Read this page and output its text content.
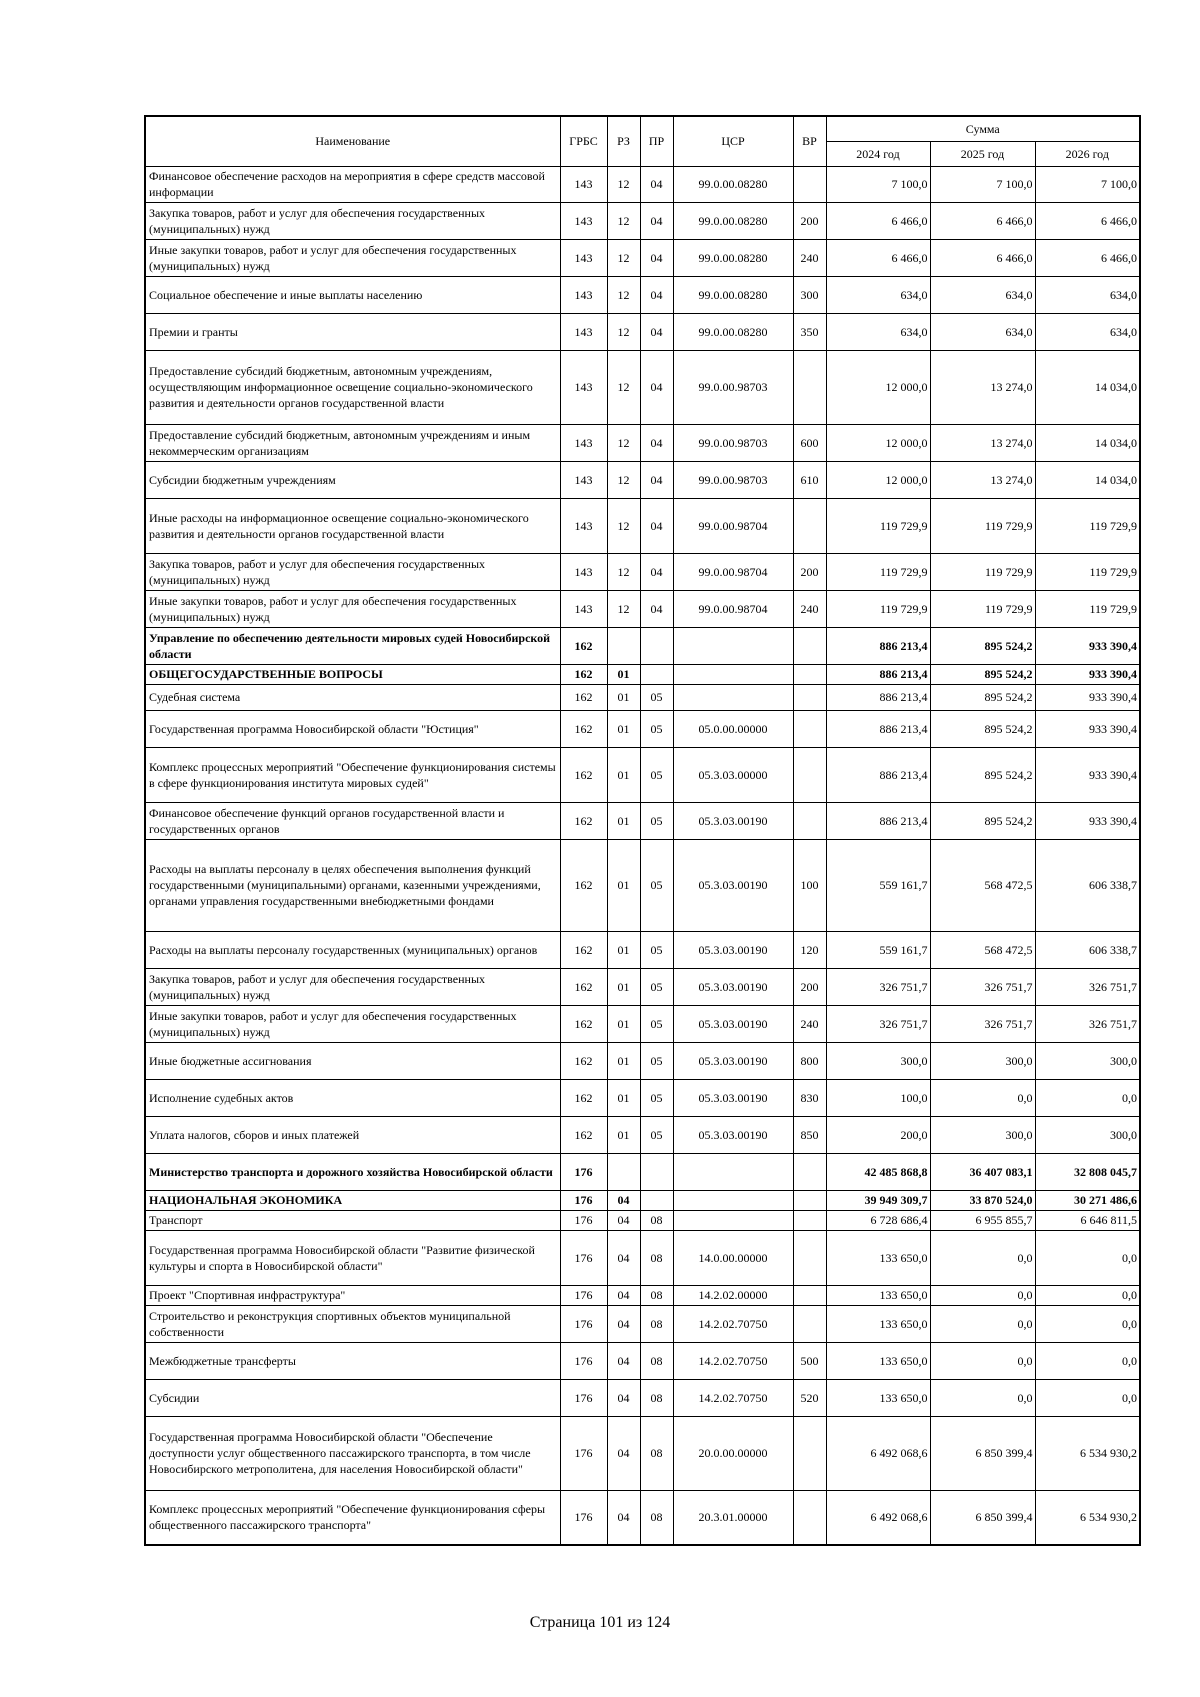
Наименование	ГРБС	РЗ	ПР	ЦСР	ВР	Сумма		
						2024 год	2025 год	2026 год
Финансовое обеспечение расходов на мероприятия в сфере средств массовой информации	143	12	04	99.0.00.08280		7 100,0	7 100,0	7 100,0
Закупка товаров, работ и услуг для обеспечения государственных (муниципальных) нужд	143	12	04	99.0.00.08280	200	6 466,0	6 466,0	6 466,0
Иные закупки товаров, работ и услуг для обеспечения государственных (муниципальных) нужд	143	12	04	99.0.00.08280	240	6 466,0	6 466,0	6 466,0
Социальное обеспечение и иные выплаты населению	143	12	04	99.0.00.08280	300	634,0	634,0	634,0
Премии и гранты	143	12	04	99.0.00.08280	350	634,0	634,0	634,0
Предоставление субсидий бюджетным, автономным учреждениям, осуществляющим информационное освещение социально-экономического развития и деятельности органов государственной власти	143	12	04	99.0.00.98703		12 000,0	13 274,0	14 034,0
Предоставление субсидий бюджетным, автономным учреждениям и иным некоммерческим организациям	143	12	04	99.0.00.98703	600	12 000,0	13 274,0	14 034,0
Субсидии бюджетным учреждениям	143	12	04	99.0.00.98703	610	12 000,0	13 274,0	14 034,0
Иные расходы на информационное освещение социально-экономического развития и деятельности органов государственной власти	143	12	04	99.0.00.98704		119 729,9	119 729,9	119 729,9
Закупка товаров, работ и услуг для обеспечения государственных (муниципальных) нужд	143	12	04	99.0.00.98704	200	119 729,9	119 729,9	119 729,9
Иные закупки товаров, работ и услуг для обеспечения государственных (муниципальных) нужд	143	12	04	99.0.00.98704	240	119 729,9	119 729,9	119 729,9
Управление по обеспечению деятельности мировых судей Новосибирской области	162					886 213,4	895 524,2	933 390,4
ОБЩЕГОСУДАРСТВЕННЫЕ ВОПРОСЫ	162	01				886 213,4	895 524,2	933 390,4
Судебная система	162	01	05			886 213,4	895 524,2	933 390,4
Государственная программа Новосибирской области "Юстиция"	162	01	05	05.0.00.00000		886 213,4	895 524,2	933 390,4
Комплекс процессных мероприятий "Обеспечение функционирования системы в сфере функционирования института мировых судей"	162	01	05	05.3.03.00000		886 213,4	895 524,2	933 390,4
Финансовое обеспечение функций органов государственной власти и государственных органов	162	01	05	05.3.03.00190		886 213,4	895 524,2	933 390,4
Расходы на выплаты персоналу в целях обеспечения выполнения функций государственными (муниципальными) органами, казенными учреждениями, органами управления государственными внебюджетными фондами	162	01	05	05.3.03.00190	100	559 161,7	568 472,5	606 338,7
Расходы на выплаты персоналу государственных (муниципальных) органов	162	01	05	05.3.03.00190	120	559 161,7	568 472,5	606 338,7
Закупка товаров, работ и услуг для обеспечения государственных (муниципальных) нужд	162	01	05	05.3.03.00190	200	326 751,7	326 751,7	326 751,7
Иные закупки товаров, работ и услуг для обеспечения государственных (муниципальных) нужд	162	01	05	05.3.03.00190	240	326 751,7	326 751,7	326 751,7
Иные бюджетные ассигнования	162	01	05	05.3.03.00190	800	300,0	300,0	300,0
Исполнение судебных актов	162	01	05	05.3.03.00190	830	100,0	0,0	0,0
Уплата налогов, сборов и иных платежей	162	01	05	05.3.03.00190	850	200,0	300,0	300,0
Министерство транспорта и дорожного хозяйства Новосибирской области	176					42 485 868,8	36 407 083,1	32 808 045,7
НАЦИОНАЛЬНАЯ ЭКОНОМИКА	176	04				39 949 309,7	33 870 524,0	30 271 486,6
Транспорт	176	04	08			6 728 686,4	6 955 855,7	6 646 811,5
Государственная программа Новосибирской области "Развитие физической культуры и спорта в Новосибирской области"	176	04	08	14.0.00.00000		133 650,0	0,0	0,0
Проект "Спортивная инфраструктура"	176	04	08	14.2.02.00000		133 650,0	0,0	0,0
Строительство и реконструкция спортивных объектов муниципальной собственности	176	04	08	14.2.02.70750		133 650,0	0,0	0,0
Межбюджетные трансферты	176	04	08	14.2.02.70750	500	133 650,0	0,0	0,0
Субсидии	176	04	08	14.2.02.70750	520	133 650,0	0,0	0,0
Государственная программа Новосибирской области "Обеспечение доступности услуг общественного пассажирского транспорта, в том числе Новосибирского метрополитена, для населения Новосибирской области"	176	04	08	20.0.00.00000		6 492 068,6	6 850 399,4	6 534 930,2
Комплекс процессных мероприятий "Обеспечение функционирования сферы общественного пассажирского транспорта"	176	04	08	20.3.01.00000		6 492 068,6	6 850 399,4	6 534 930,2
Страница 101 из 124
